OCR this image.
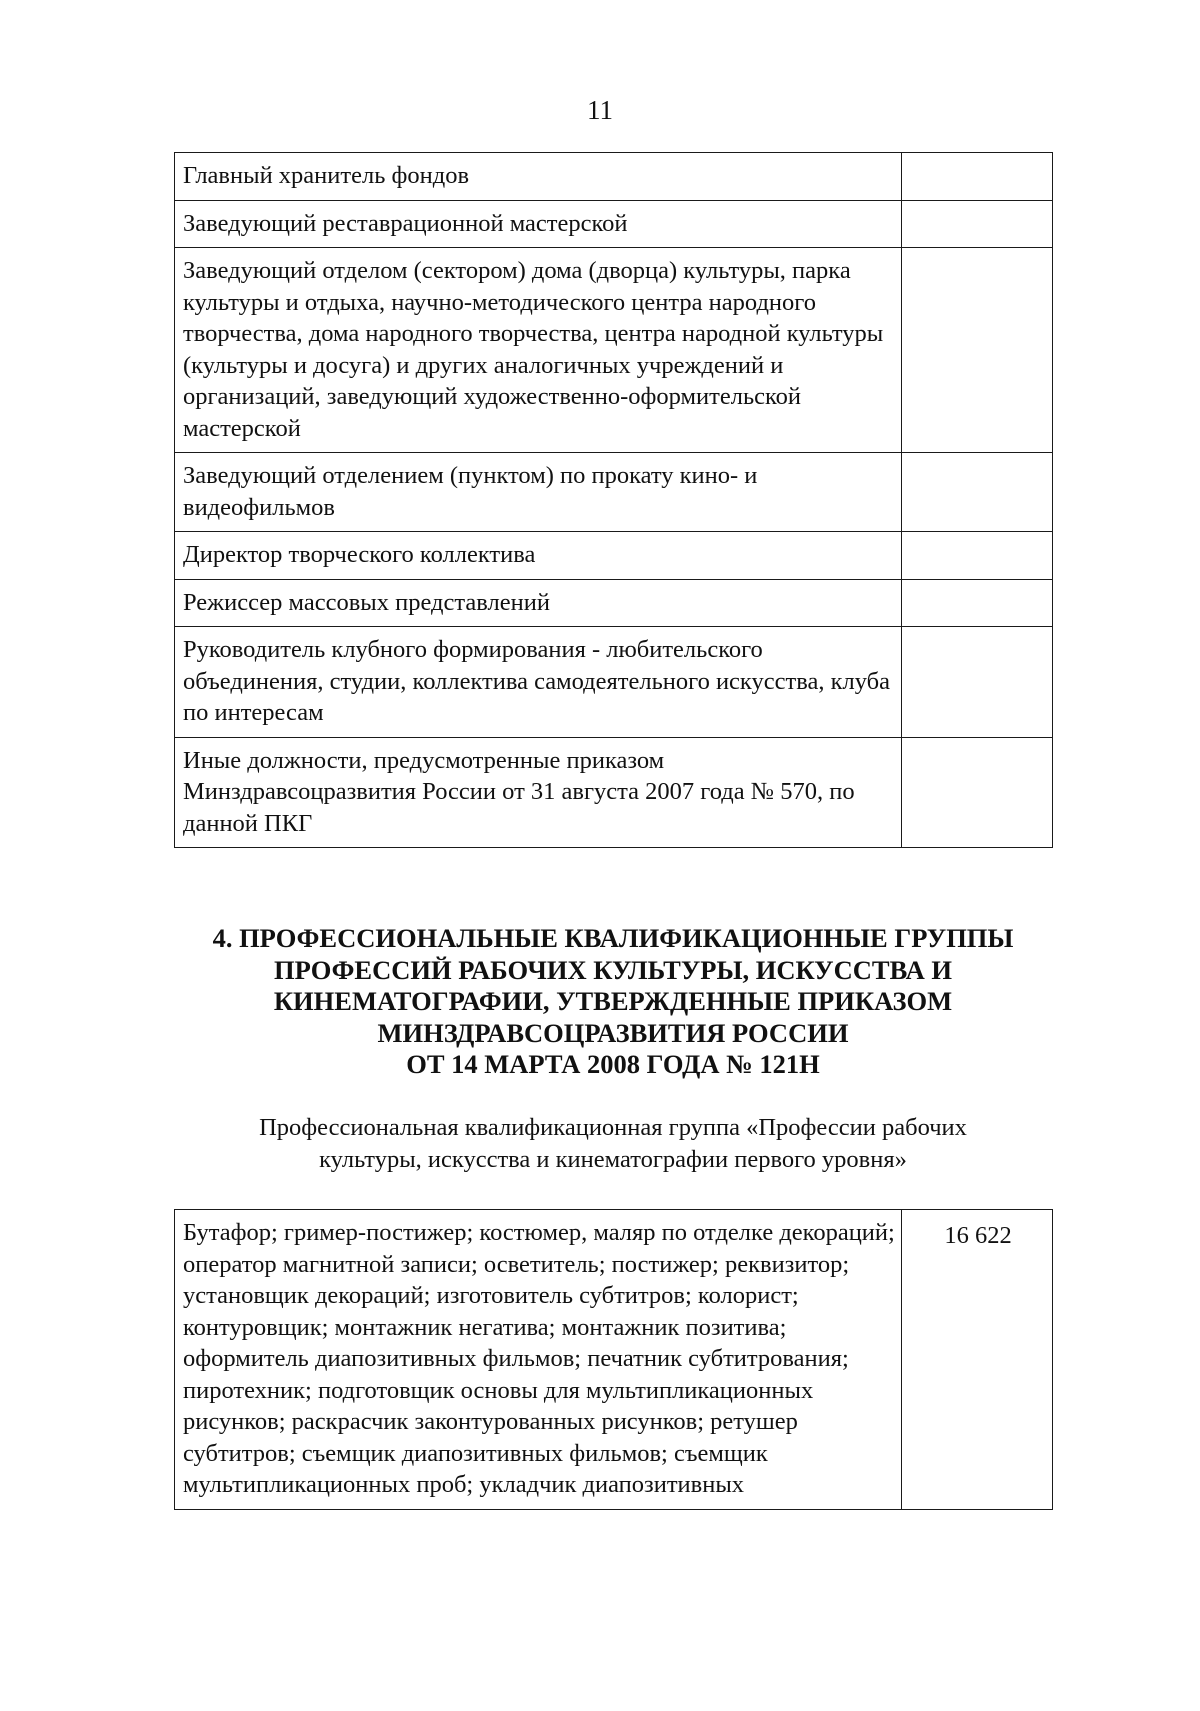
11
Главный хранитель фондов	
Заведующий реставрационной мастерской	
Заведующий отделом (сектором) дома (дворца) культуры, парка культуры и отдыха, научно-методического центра народного творчества, дома народного творчества, центра народной культуры (культуры и досуга) и других аналогичных учреждений и организаций, заведующий художественно-оформительской мастерской	
Заведующий отделением (пунктом) по прокату кино- и видеофильмов	
Директор творческого коллектива	
Режиссер массовых представлений	
Руководитель клубного формирования - любительского объединения, студии, коллектива самодеятельного искусства, клуба по интересам	
Иные должности, предусмотренные приказом Минздравсоцразвития России от 31 августа 2007 года № 570, по данной ПКГ	
4. ПРОФЕССИОНАЛЬНЫЕ КВАЛИФИКАЦИОННЫЕ ГРУППЫ
ПРОФЕССИЙ РАБОЧИХ КУЛЬТУРЫ, ИСКУССТВА И
КИНЕМАТОГРАФИИ, УТВЕРЖДЕННЫЕ ПРИКАЗОМ
МИНЗДРАВСОЦРАЗВИТИЯ РОССИИ
ОТ 14 МАРТА 2008 ГОДА № 121Н

Профессиональная квалификационная группа «Профессии рабочих
культуры, искусства и кинематографии первого уровня»

Бутафор; гример-постижер; костюмер, маляр по отделке декораций; оператор магнитной записи; осветитель; постижер; реквизитор; установщик декораций; изготовитель субтитров; колорист; контуровщик; монтажник негатива; монтажник позитива; оформитель диапозитивных фильмов; печатник субтитрования; пиротехник; подготовщик основы для мультипликационных рисунков; раскрасчик законтурованных рисунков; ретушер субтитров; съемщик диапозитивных фильмов; съемщик мультипликационных проб; укладчик диапозитивных	16 622
